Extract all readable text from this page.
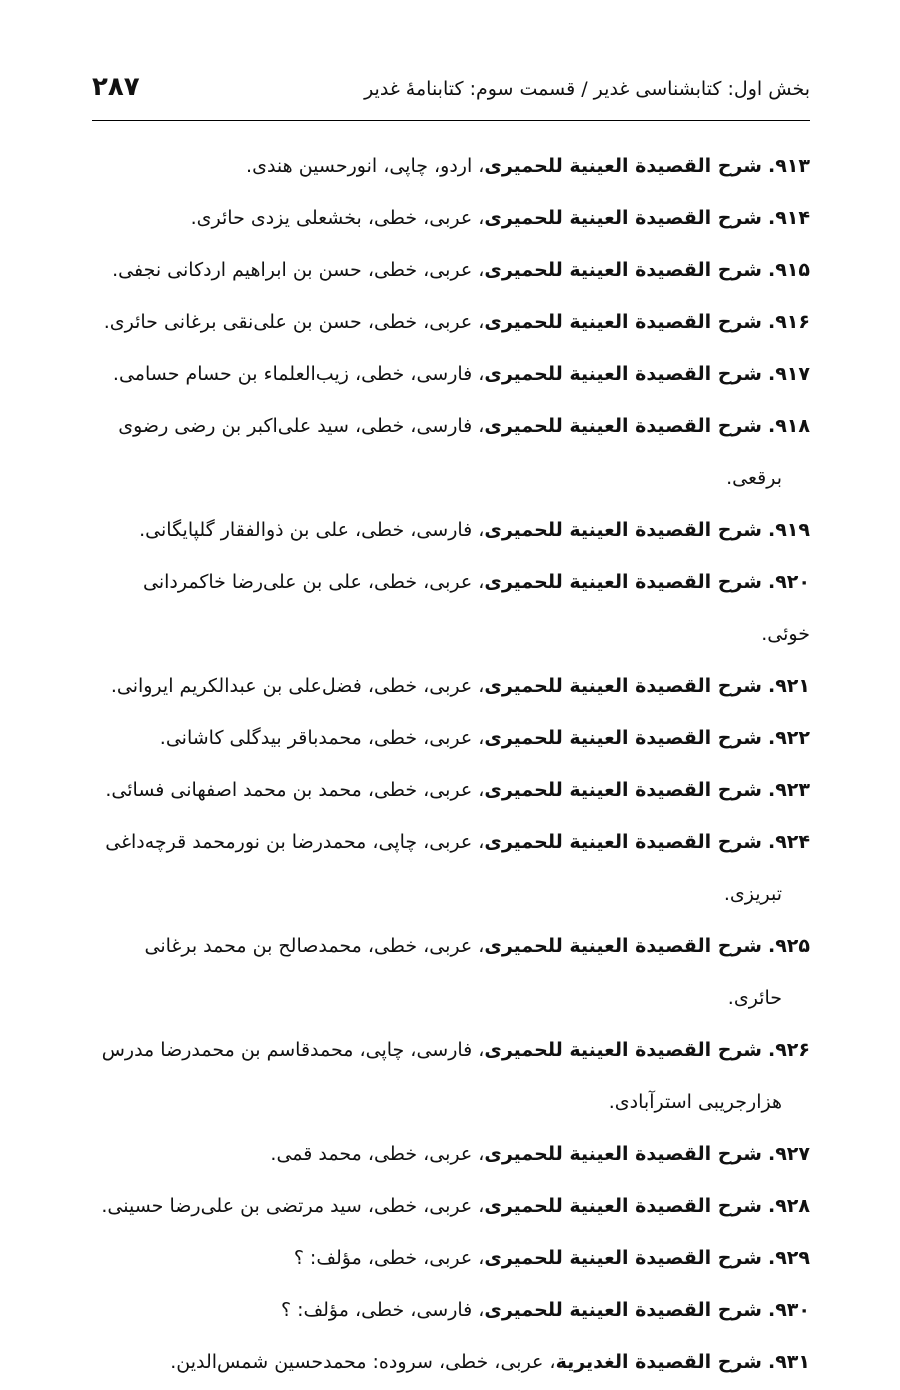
۲۸۷	بخش اول: کتابشناسی غدیر / قسمت سوم: کتابنامهٔ غدیر

۹۱۳. شرح القصیدة العینیة للحمیری، اردو، چاپی، انورحسین هندی.

۹۱۴. شرح القصیدة العینیة للحمیری، عربی، خطی، بخشعلی یزدی حائری.

۹۱۵. شرح القصیدة العینیة للحمیری، عربی، خطی، حسن بن ابراهیم اردکانی نجفی.

۹۱۶. شرح القصیدة العینیة للحمیری، عربی، خطی، حسن بن علی‌نقی برغانی حائری.

۹۱۷. شرح القصیدة العینیة للحمیری، فارسی، خطی، زیب‌العلماء بن حسام حسامی.

۹۱۸. شرح القصیدة العینیة للحمیری، فارسی، خطی، سید علی‌اکبر بن رضی رضوی
برقعی.

۹۱۹. شرح القصیدة العینیة للحمیری، فارسی، خطی، علی بن ذوالفقار گلپایگانی.

۹۲۰. شرح القصیدة العینیة للحمیری، عربی، خطی، علی بن علی‌رضا خاکمردانی خوئی.

۹۲۱. شرح القصیدة العینیة للحمیری، عربی، خطی، فضل‌علی بن عبدالکریم ایروانی.

۹۲۲. شرح القصیدة العینیة للحمیری، عربی، خطی، محمدباقر بیدگلی کاشانی.

۹۲۳. شرح القصیدة العینیة للحمیری، عربی، خطی، محمد بن محمد اصفهانی فسائی.

۹۲۴. شرح القصیدة العینیة للحمیری، عربی، چاپی، محمدرضا بن نورمحمد قرچه‌داغی
تبریزی.

۹۲۵. شرح القصیدة العینیة للحمیری، عربی، خطی، محمدصالح بن محمد برغانی
حائری.

۹۲۶. شرح القصیدة العینیة للحمیری، فارسی، چاپی، محمدقاسم بن محمدرضا مدرس
هزارجریبی استرآبادی.

۹۲۷. شرح القصیدة العینیة للحمیری، عربی، خطی، محمد قمی.

۹۲۸. شرح القصیدة العینیة للحمیری، عربی، خطی، سید مرتضی بن علی‌رضا حسینی.

۹۲۹. شرح القصیدة العینیة للحمیری، عربی، خطی، مؤلف: ؟

۹۳۰. شرح القصیدة العینیة للحمیری، فارسی، خطی، مؤلف: ؟

۹۳۱. شرح القصیدة الغدیریة، عربی، خطی، سروده: محمدحسین شمس‌الدین.
